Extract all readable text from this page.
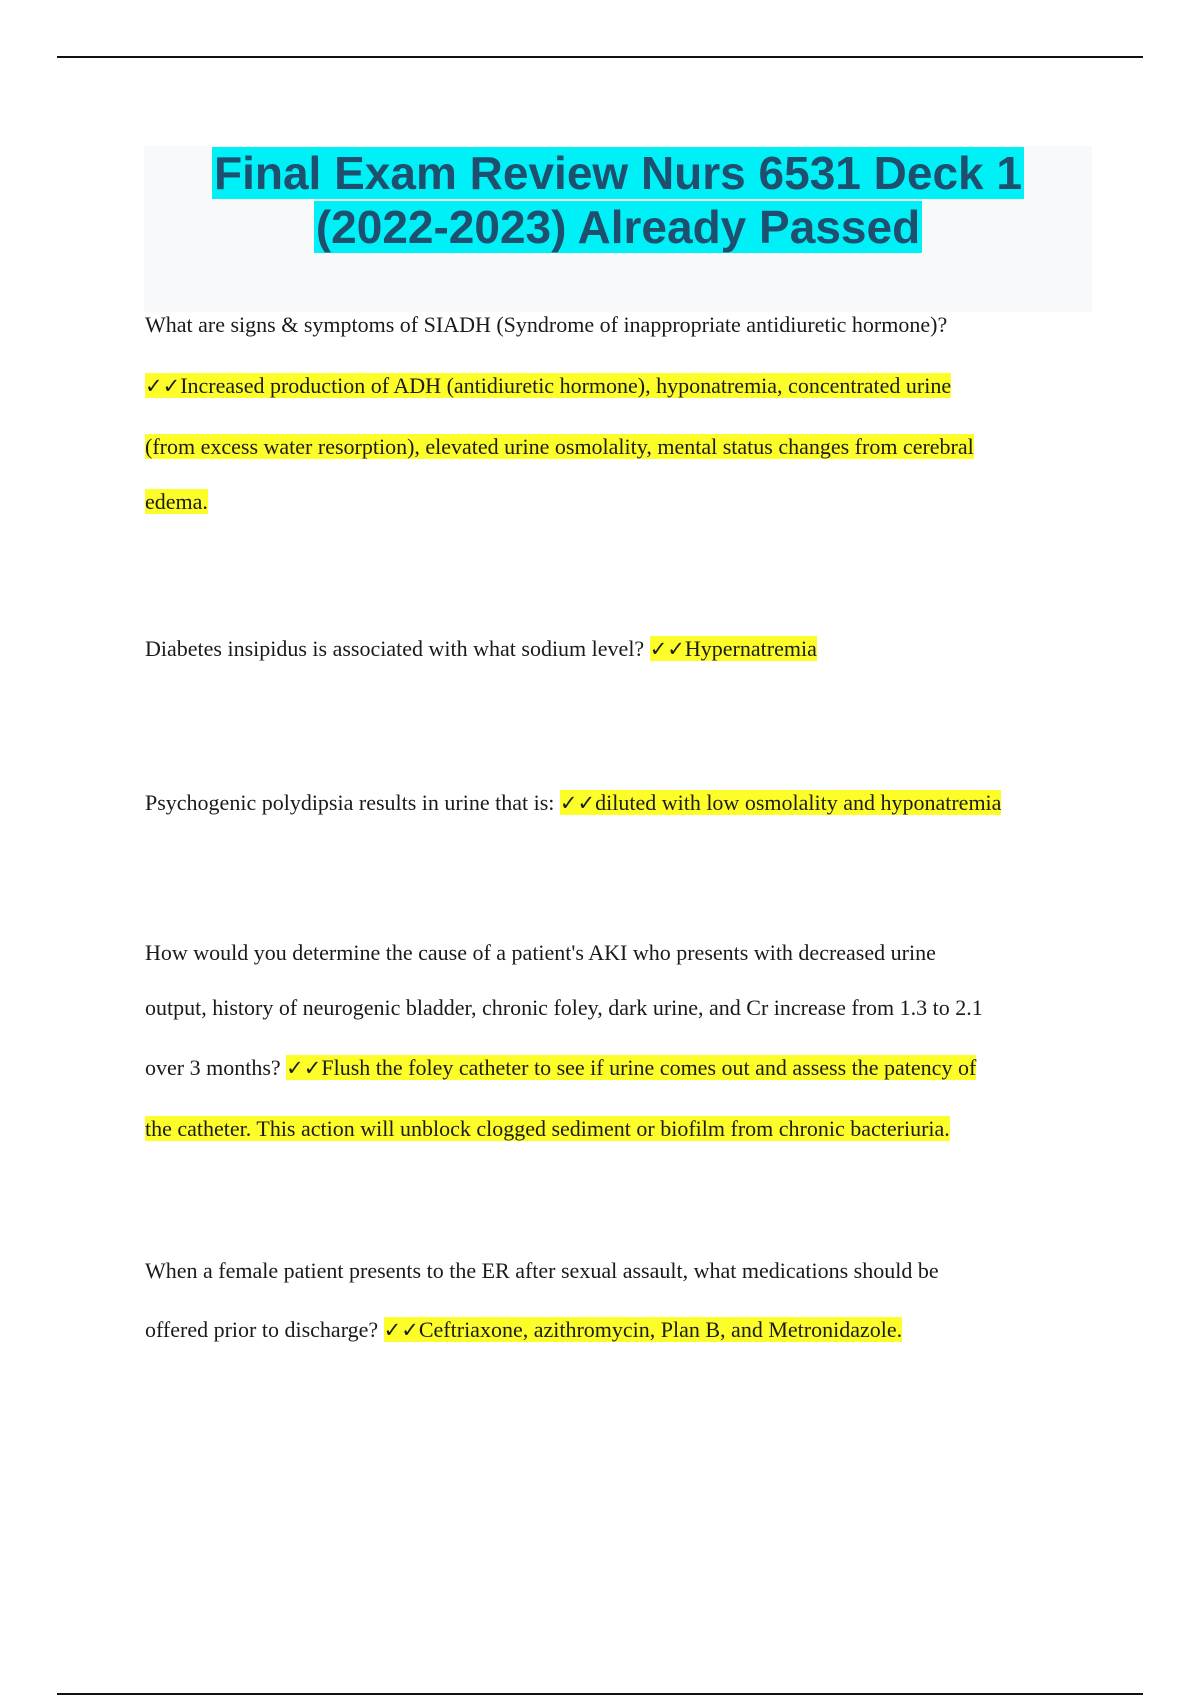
Final Exam Review Nurs 6531 Deck 1
(2022-2023) Already Passed
What are signs & symptoms of SIADH (Syndrome of inappropriate antidiuretic hormone)?
✓✓Increased production of ADH (antidiuretic hormone), hyponatremia, concentrated urine
(from excess water resorption), elevated urine osmolality, mental status changes from cerebral
edema.
Diabetes insipidus is associated with what sodium level? ✓✓Hypernatremia
Psychogenic polydipsia results in urine that is: ✓✓diluted with low osmolality and hyponatremia
How would you determine the cause of a patient's AKI who presents with decreased urine
output, history of neurogenic bladder, chronic foley, dark urine, and Cr increase from 1.3 to 2.1
over 3 months? ✓✓Flush the foley catheter to see if urine comes out and assess the patency of
the catheter. This action will unblock clogged sediment or biofilm from chronic bacteriuria.
When a female patient presents to the ER after sexual assault, what medications should be
offered prior to discharge? ✓✓Ceftriaxone, azithromycin, Plan B, and Metronidazole.
